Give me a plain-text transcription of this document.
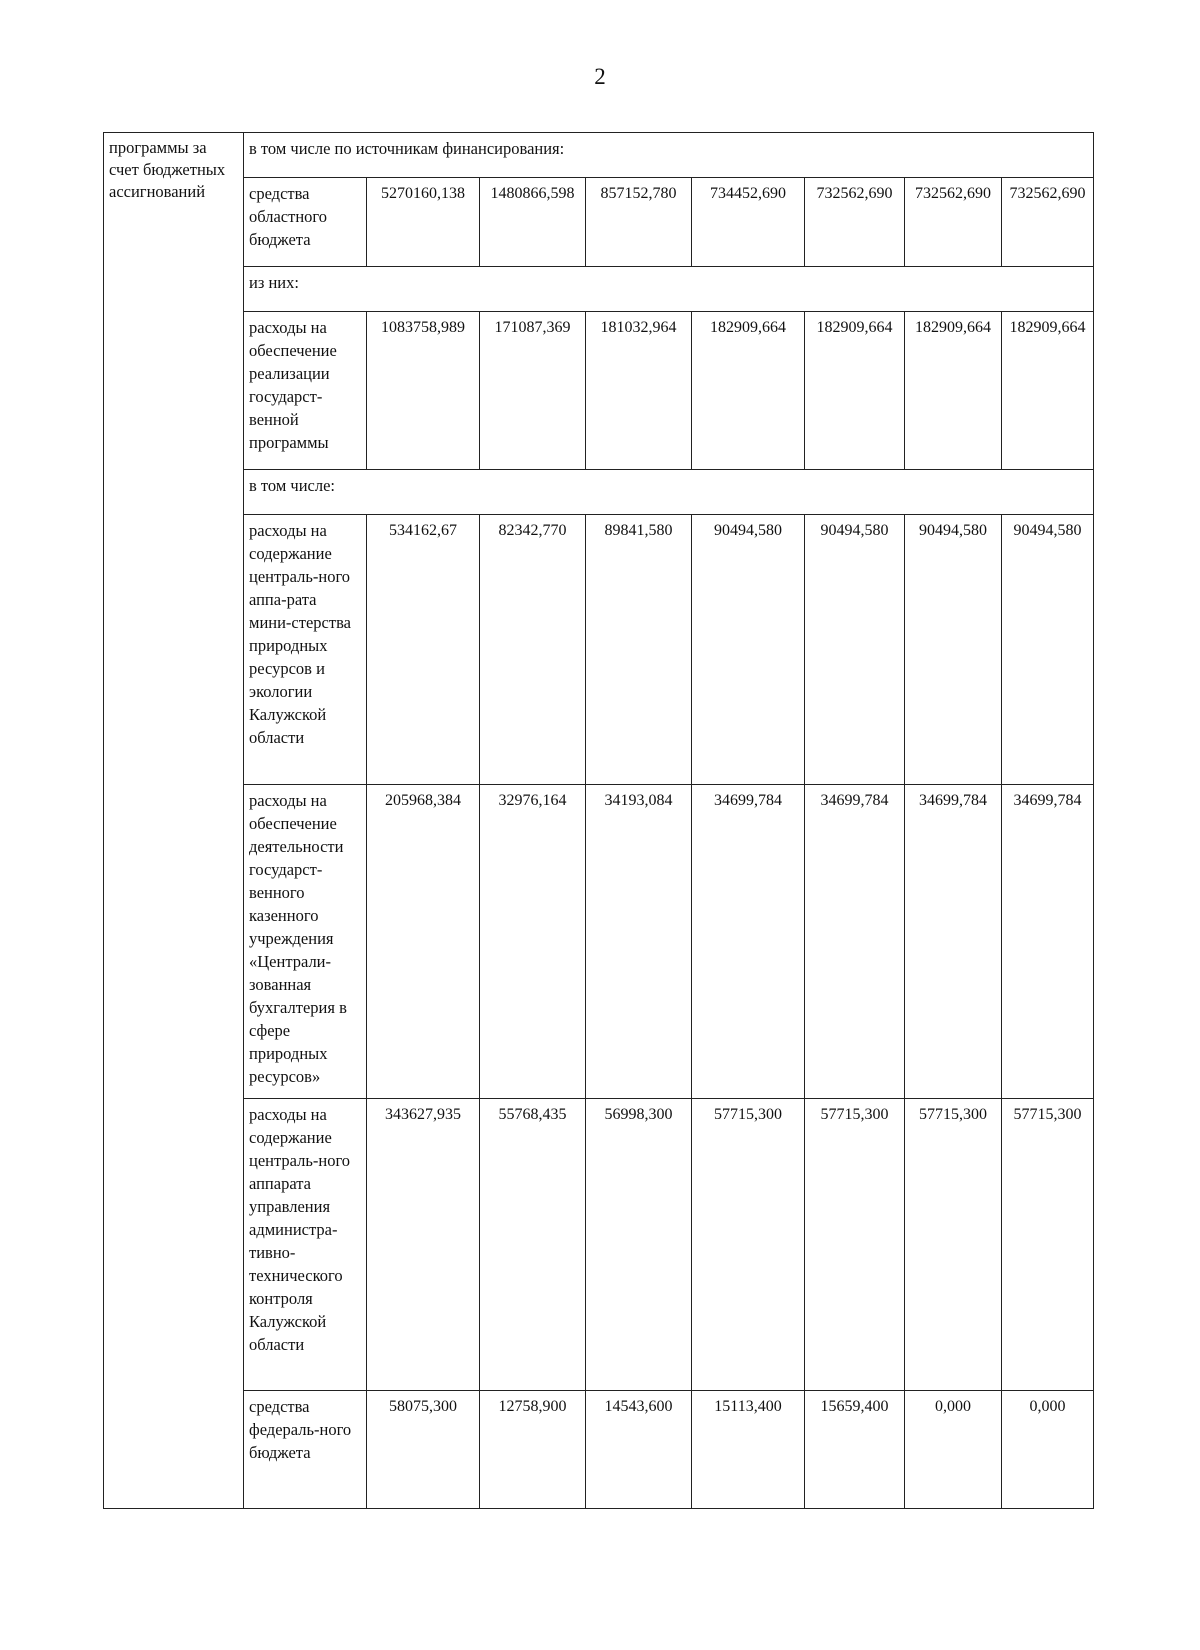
2
программы за счет бюджетных ассигнований	в том числе по источникам финансирования:							

	средства областного бюджета	5270160,138	1480866,598	857152,780	734452,690	732562,690	732562,690	732562,690

	из них:							

	расходы на обеспечение реализации государст-венной программы	1083758,989	171087,369	181032,964	182909,664	182909,664	182909,664	182909,664

	в том числе:							

	расходы на содержание централь-ного аппа-рата мини-стерства природных ресурсов и экологии Калужской области	534162,67	82342,770	89841,580	90494,580	90494,580	90494,580	90494,580

	расходы на обеспечение деятельности государст-венного казенного учреждения «Централи-зованная бухгалтерия в сфере природных ресурсов»	205968,384	32976,164	34193,084	34699,784	34699,784	34699,784	34699,784

	расходы на содержание централь-ного аппарата управления администра-тивно-технического контроля Калужской области	343627,935	55768,435	56998,300	57715,300	57715,300	57715,300	57715,300

	средства федераль-ного бюджета	58075,300	12758,900	14543,600	15113,400	15659,400	0,000	0,000
